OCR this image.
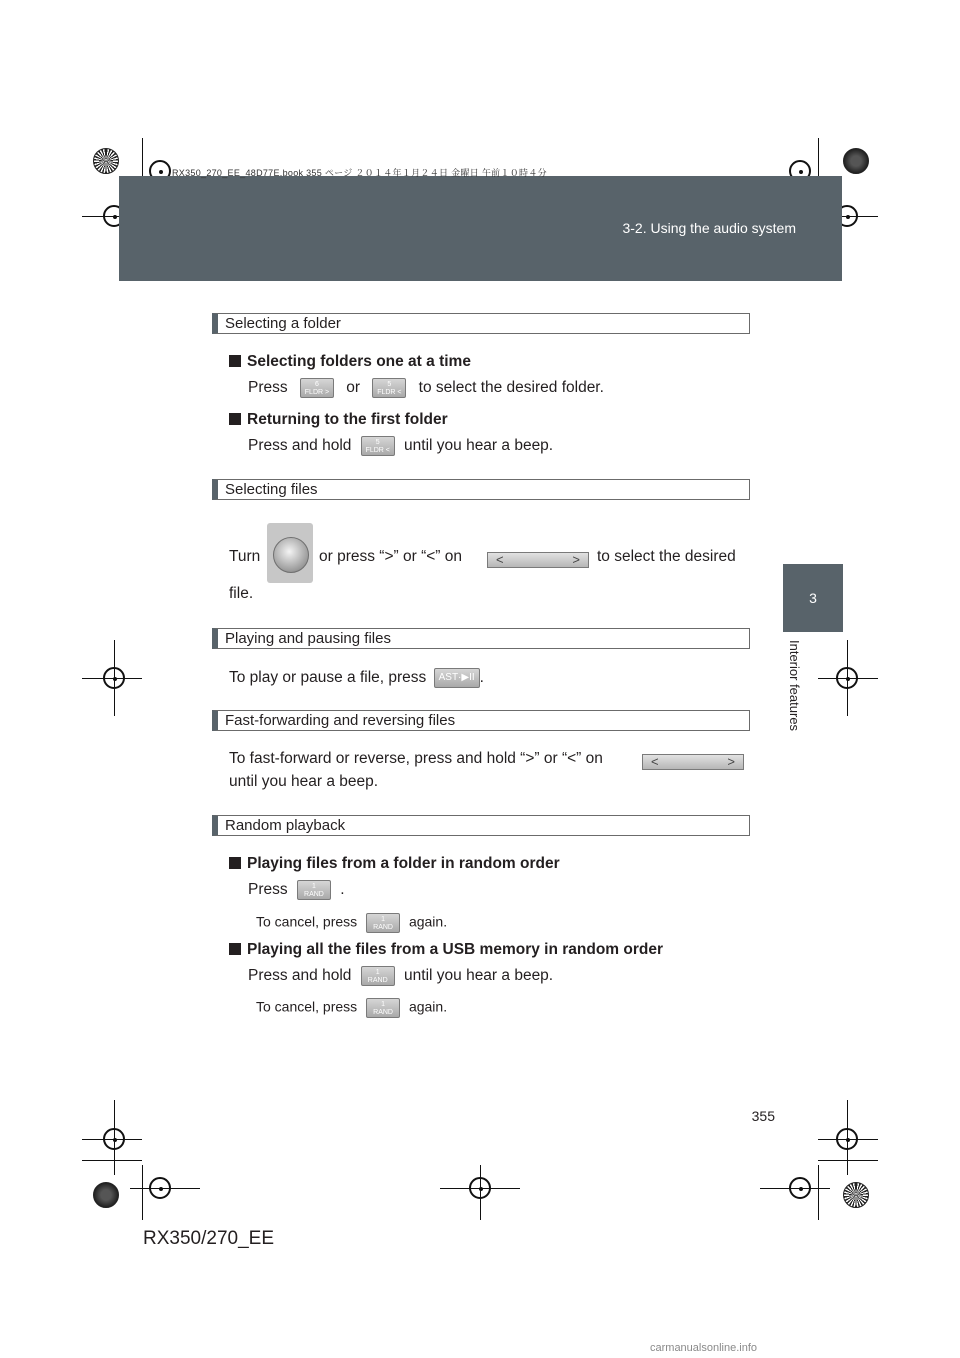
3-2. Using the audio system
RX350_270_EE_48D77E.book 355 ページ ２０１４年１月２４日 金曜日 午前１０時４分
3
Interior features
Selecting a folder
Selecting folders one at a time
Press	6
FLDR > or	5
FLDR < to select the desired folder.
Returning to the first folder
Press and hold	5
FLDR < until you hear a beep.
Selecting files
Turn	or press “>” or “<” on	<	> to select the desired
file.
Playing and pausing files
To play or pause a file, press AST·▶II .
Fast-forwarding and reversing files
To fast-forward or reverse, press and hold “>” or “<” on	<	>
until you hear a beep.
Random playback
Playing files from a folder in random order
Press	1
RAND	.
To cancel, press	1
RAND	again.
Playing all the files from a USB memory in random order
Press and hold	1
RAND	until you hear a beep.
To cancel, press	1
RAND	again.
355
RX350/270_EE
carmanualsonline.info
